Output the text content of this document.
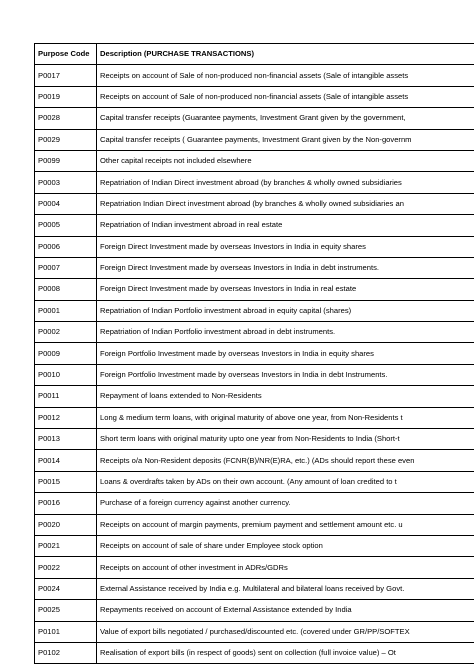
Purpose Code	Description (PURCHASE TRANSACTIONS)
P0017	Receipts on account of Sale of non-produced non-financial assets (Sale of intangible assets
P0019	Receipts on account of Sale of non-produced non-financial assets (Sale of intangible assets
P0028	Capital transfer receipts (Guarantee payments, Investment Grant given by the government,
P0029	Capital transfer receipts ( Guarantee payments, Investment Grant given by the Non-governm
P0099	Other capital receipts not included elsewhere
P0003	Repatriation of Indian Direct investment abroad (by branches & wholly owned subsidiaries
P0004	Repatriation Indian Direct investment abroad (by branches & wholly owned subsidiaries an
P0005	Repatriation of Indian investment abroad in real estate
P0006	Foreign Direct Investment made by overseas Investors in India in equity shares
P0007	Foreign Direct Investment made by overseas Investors in India in debt instruments.
P0008	Foreign Direct Investment made by overseas Investors in India in real estate
P0001	Repatriation of Indian Portfolio investment abroad in equity capital (shares)
P0002	Repatriation of Indian Portfolio investment abroad in debt instruments.
P0009	Foreign Portfolio Investment made by overseas Investors in India in equity shares
P0010	Foreign Portfolio Investment made by overseas Investors in India in debt Instruments.
P0011	Repayment of loans extended to Non-Residents
P0012	Long & medium term loans, with original maturity of above one year, from Non-Residents t
P0013	Short term loans with original maturity upto one year from Non-Residents to India (Short-t
P0014	Receipts o/a Non-Resident deposits (FCNR(B)/NR(E)RA, etc.) (ADs should report these even
P0015	Loans & overdrafts taken by ADs on their own account. (Any amount of loan credited to t
P0016	Purchase of a foreign currency against another currency.
P0020	Receipts on account of margin payments, premium payment and settlement amount etc. u
P0021	Receipts on account of sale of share under Employee stock option
P0022	Receipts on account of other investment in ADRs/GDRs
P0024	External Assistance received by India e.g. Multilateral and bilateral loans received by Govt.
P0025	Repayments received on account of External Assistance extended by India
P0101	Value of export bills negotiated / purchased/discounted etc. (covered under GR/PP/SOFTEX
P0102	Realisation of export bills (in respect of goods) sent on collection (full invoice value) – Ot
